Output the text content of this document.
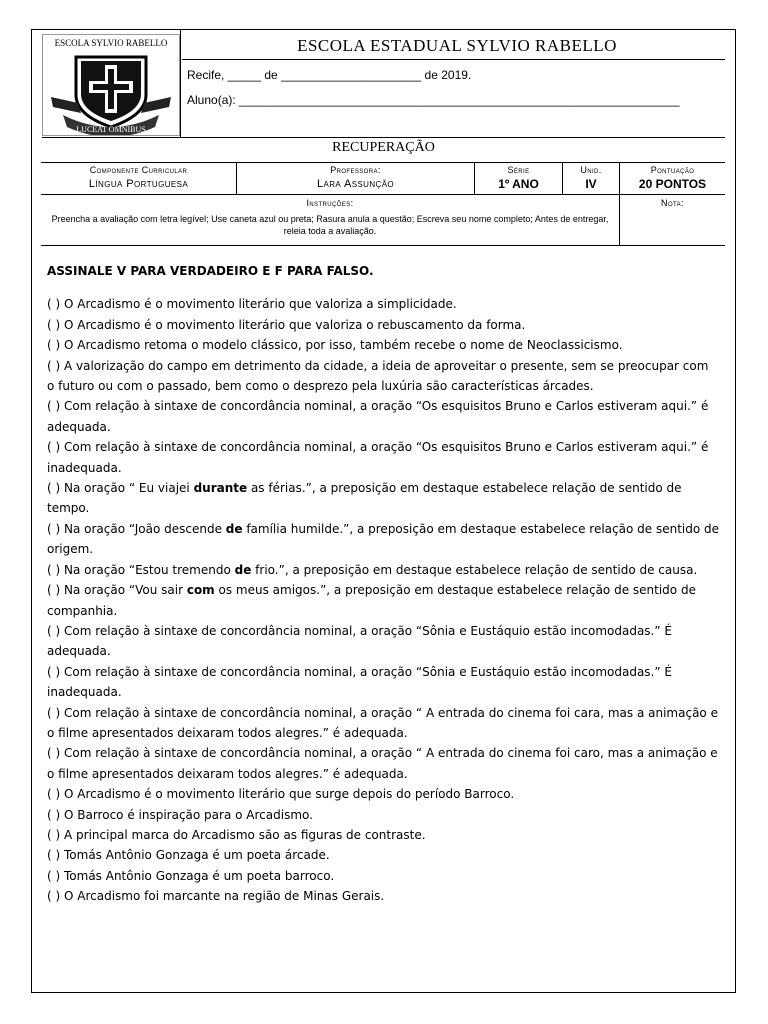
ESCOLA SYLVIO RABELLO
LUCEAT OMNIBUS
ESCOLA ESTADUAL SYLVIO RABELLO
Recife, _____ de _____________________ de 2019.
Aluno(a): __________________________________________________________________
RECUPERAÇÃO
Componente Curricular
Língua Portuguesa
Professora:
Lara Assunção
Série
1º ANO
Unid.
IV
Pontuação
20 PONTOS
Instruções:
Preencha a avaliação com letra legível; Use caneta azul ou preta; Rasura anula a questão; Escreva seu nome completo; Antes de entregar, releia toda a avaliação.
Nota:
ASSINALE V PARA VERDADEIRO E F PARA FALSO.

( ) O Arcadismo é o movimento literário que valoriza a simplicidade.

( ) O Arcadismo é o movimento literário que valoriza o rebuscamento da forma.

( ) O Arcadismo retoma o modelo clássico, por isso, também recebe o nome de Neoclassicismo.

( ) A valorização do campo em detrimento da cidade, a ideia de aproveitar o presente, sem se preocupar com o futuro ou com o passado, bem como o desprezo pela luxúria são características árcades.

( ) Com relação à sintaxe de concordância nominal, a oração “Os esquisitos Bruno e Carlos estiveram aqui.” é adequada.

( ) Com relação à sintaxe de concordância nominal, a oração “Os esquisitos Bruno e Carlos estiveram aqui.” é inadequada.

( ) Na oração “ Eu viajei durante as férias.”, a preposição em destaque estabelece relação de sentido de tempo.

( ) Na oração “João descende de família humilde.”, a preposição em destaque estabelece relação de sentido de origem.

( ) Na oração “Estou tremendo de frio.”, a preposição em destaque estabelece relação de sentido de causa.

( ) Na oração “Vou sair com os meus amigos.”, a preposição em destaque estabelece relação de sentido de companhia.

( ) Com relação à sintaxe de concordância nominal, a oração “Sônia e Eustáquio estão incomodadas.” É adequada.

( ) Com relação à sintaxe de concordância nominal, a oração “Sônia e Eustáquio estão incomodadas.” É inadequada.

( ) Com relação à sintaxe de concordância nominal, a oração “ A entrada do cinema foi cara, mas a animação e o filme apresentados deixaram todos alegres.” é adequada.

( ) Com relação à sintaxe de concordância nominal, a oração “ A entrada do cinema foi caro, mas a animação e o filme apresentados deixaram todos alegres.” é adequada.

( ) O Arcadismo é o movimento literário que surge depois do período Barroco.

( ) O Barroco é inspiração para o Arcadismo.

( ) A principal marca do Arcadismo são as figuras de contraste.

( ) Tomás Antônio Gonzaga é um poeta árcade.

( ) Tomás Antônio Gonzaga é um poeta barroco.

( ) O Arcadismo foi marcante na região de Minas Gerais.
